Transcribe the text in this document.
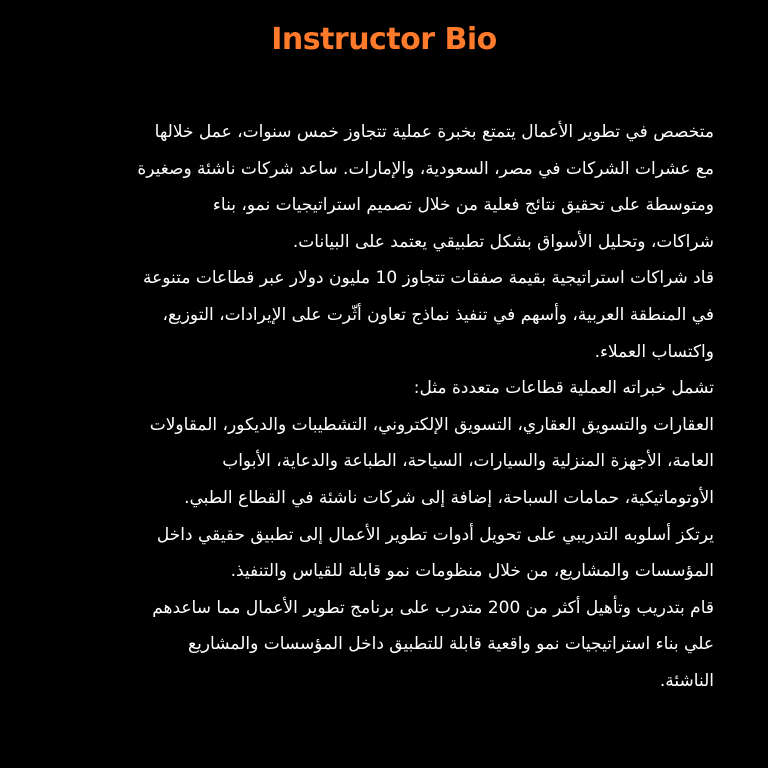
Instructor Bio
متخصص في تطوير الأعمال يتمتع بخبرة عملية تتجاوز خمس سنوات، عمل خلالها
مع عشرات الشركات في مصر، السعودية، والإمارات. ساعد شركات ناشئة وصغيرة
ومتوسطة على تحقيق نتائج فعلية من خلال تصميم استراتيجيات نمو، بناء
شراكات، وتحليل الأسواق بشكل تطبيقي يعتمد على البيانات.
قاد شراكات استراتيجية بقيمة صفقات تتجاوز 10 مليون دولار عبر قطاعات متنوعة
في المنطقة العربية، وأسهم في تنفيذ نماذج تعاون أثّرت على الإيرادات، التوزيع،
واكتساب العملاء.
تشمل خبراته العملية قطاعات متعددة مثل:
العقارات والتسويق العقاري، التسويق الإلكتروني، التشطيبات والديكور، المقاولات
العامة، الأجهزة المنزلية والسيارات، السياحة، الطباعة والدعاية، الأبواب
الأوتوماتيكية، حمامات السباحة، إضافة إلى شركات ناشئة في القطاع الطبي.
يرتكز أسلوبه التدريبي على تحويل أدوات تطوير الأعمال إلى تطبيق حقيقي داخل
المؤسسات والمشاريع، من خلال منظومات نمو قابلة للقياس والتنفيذ.
قام بتدريب وتأهيل أكثر من 200 متدرب على برنامج تطوير الأعمال مما ساعدهم
علي بناء استراتيجيات نمو واقعية قابلة للتطبيق داخل المؤسسات والمشاريع
الناشئة.
